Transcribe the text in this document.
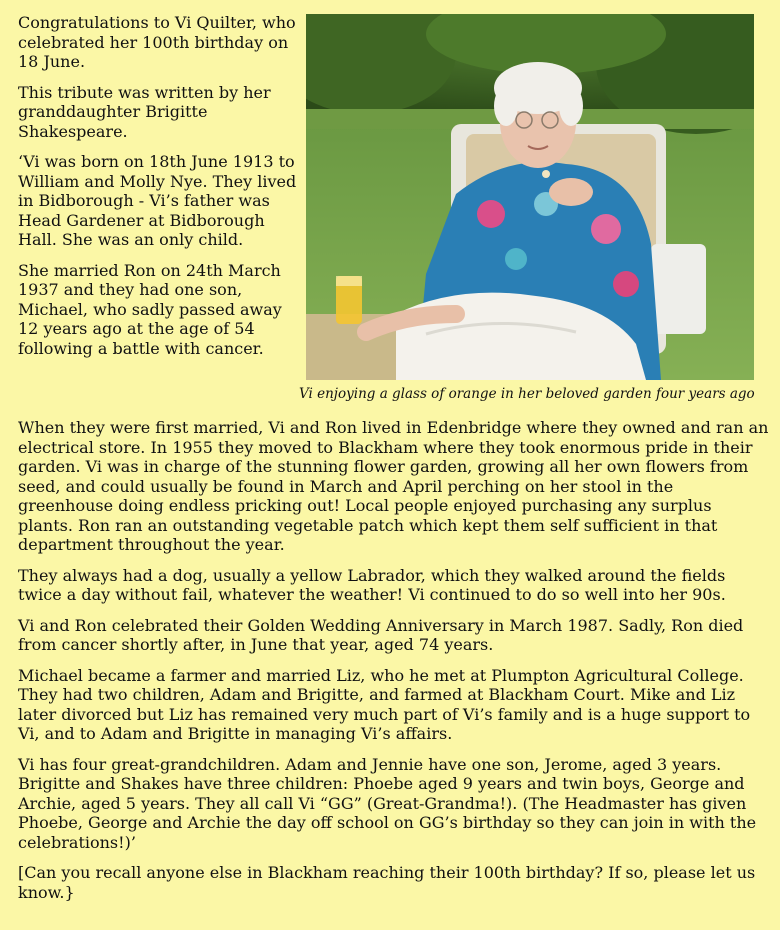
Congratulations to Vi Quilter, who celebrated her 100th birthday on 18 June.

This tribute was written by her granddaughter Brigitte Shakespeare.

‘Vi was born on 18th June 1913 to William and Molly Nye. They lived in Bidborough - Vi’s father was Head Gardener at Bidborough Hall. She was an only child.

She married Ron on 24th March 1937 and they had one son, Michael, who sadly passed away 12 years ago at the age of 54 following a battle with cancer.

Vi enjoying a glass of orange in her beloved garden four years ago

When they were first married, Vi and Ron lived in Edenbridge where they owned and ran an electrical store. In 1955 they moved to Blackham where they took enormous pride in their garden. Vi was in charge of the stunning flower garden, growing all her own flowers from seed, and could usually be found in March and April perching on her stool in the greenhouse doing endless pricking out! Local people enjoyed purchasing any surplus plants. Ron ran an outstanding vegetable patch which kept them self sufficient in that department throughout the year.

They always had a dog, usually a yellow Labrador, which they walked around the fields twice a day without fail, whatever the weather! Vi continued to do so well into her 90s.

Vi and Ron celebrated their Golden Wedding Anniversary in March 1987. Sadly, Ron died from cancer shortly after, in June that year, aged 74 years.

Michael became a farmer and married Liz, who he met at Plumpton Agricultural College. They had two children, Adam and Brigitte, and farmed at Blackham Court. Mike and Liz later divorced but Liz has remained very much part of Vi’s family and is a huge support to Vi, and to Adam and Brigitte in managing Vi’s affairs.

Vi has four great-grandchildren. Adam and Jennie have one son, Jerome, aged 3 years. Brigitte and Shakes have three children: Phoebe aged 9 years and twin boys, George and Archie, aged 5 years. They all call Vi “GG” (Great-Grandma!). (The Headmaster has given Phoebe, George and Archie the day off school on GG’s birthday so they can join in with the celebrations!)’

[Can you recall anyone else in Blackham reaching their 100th birthday? If so, please let us know.}
